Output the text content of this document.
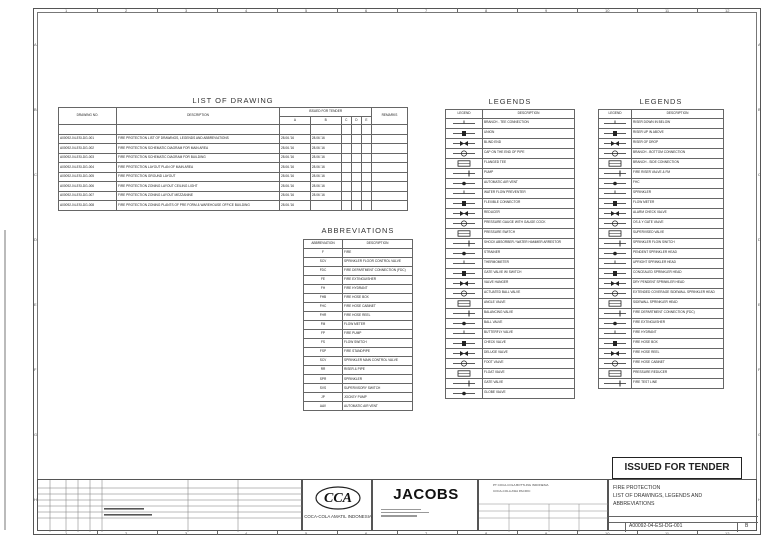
1
1
2
2
3
3
4
4
5
5
6
6
7
7
8
8
9
9
10
10
11
11
12
12
A	A
B	B
C	C
D	D
E	E
F	F
G	G
H	H
LIST OF DRAWING
DRAWING NO.	DESCRIPTION	ISSUED FOR TENDER					REMARKS
		A	B	C	D	E	

A00092-04-ESI-DG-001	FIRE PROTECTION LIST OF DRAWINGS, LEGENDS AND ABBREVIATIONS	28.06.'16	28.06.'16				
A00092-04-ESI-DG-002	FIRE PROTECTION SCHEMATIC DIAGRAM FOR MAIN AREA	28.06.'16	28.06.'16				
A00092-04-ESI-DG-003	FIRE PROTECTION SCHEMATIC DIAGRAM FOR BUILDING	28.06.'16	28.06.'16				
A00092-04-ESI-DG-004	FIRE PROTECTION LAYOUT PLAN OF MAIN AREA	28.06.'16	28.06.'16				
A00092-04-ESI-DG-005	FIRE PROTECTION GROUND LAYOUT	28.06.'16	28.06.'16				
A00092-04-ESI-DG-006	FIRE PROTECTION ZONING LAYOUT CEILING LIGHT	28.06.'16	28.06.'16				
A00092-04-ESI-DG-007	FIRE PROTECTION ZONING LAYOUT MEZZANINE	28.06.'16	28.06.'16				
A00092-04-ESI-DG-008	FIRE PROTECTION ZONING PLANTS OF PRE FORM & WAREHOUSE OFFICE BUILDING	28.06.'16					
ABBREVIATIONS
ABBREVIATION	DESCRIPTION
F	FIRE
SCV	SPRINKLER FLOOR CONTROL VALVE
FDC	FIRE DEPARTMENT CONNECTION (FDC)
FE	FIRE EXTINGUISHER
FH	FIRE HYDRANT
FHB	FIRE HOSE BOX
FHC	FIRE HOSE CABINET
FHR	FIRE HOSE REEL
FM	FLOW METER
FP	FIRE PUMP
FS	FLOW SWITCH
FSP	FIRE STANDPIPE
SCV	SPRINKLER MAIN CONTROL VALVE
RR	RISER & PIPE
SPR	SPRINKLER
SVS	SUPERVISORY SWITCH
JP	JOCKEY PUMP
AAV	AUTOMATIC AIR VENT
LEGENDS
LEGEND	DESCRIPTION

	BRANCH - TEE CONNECTION

	UNION

	BLIND END

	CAP ON THE END OF PIPE

	FLANGED TEE

	PUMP

	AUTOMATIC AIR VENT

	WATER FLOW PREVENTER

	FLEXIBLE CONNECTOR

	REDUCER

	PRESSURE GAUGE WITH GAUGE COCK

	PRESSURE SWITCH

	SHOCK ABSORBER / WATER HAMMER ARRESTOR

	STRAINER

	THERMOMETER

	GATE VALVE W/ SWITCH

	VALVE HANGER

	ACTUATED BALL VALVE

	ANGLE VALVE

	BALANCING VALVE

	BALL VALVE

	BUTTERFLY VALVE

	CHECK VALVE

	DELUGE VALVE

	FOOT VALVE

	FLOAT VALVE

	GATE VALVE

	GLOBE VALVE
LEGENDS
LEGEND	DESCRIPTION

	RISER DOWN IN BELOW

	RISER UP IN ABOVE

	RISER OF DROP

	BRANCH - BOTTOM CONNECTION

	BRANCH - SIDE CONNECTION

	FIRE RISER VALVE & FM

	FHC

	SPRINKLER

	FLOW METER

	ALARM CHECK VALVE

	OS & Y GATE VALVE

	SUPERVISED VALVE

	SPRINKLER FLOW SWITCH

	PENDENT SPRINKLER HEAD

	UPRIGHT SPRINKLER HEAD

	CONCEALED SPRINKLER HEAD

	DRY PENDENT SPRINKLER HEAD

	EXTENDED COVERAGE SIDEWALL SPRINKLER HEAD

	SIDEWALL SPRINKLER HEAD

	FIRE DEPARTMENT CONNECTION (FDC)

	FIRE EXTINGUISHER

	FIRE HYDRANT

	FIRE HOSE BOX

	FIRE HOSE REEL

	FIRE HOSE CABINET

	PRESSURE REDUCER

	FIRE TEST LINE
ISSUED FOR TENDER
CCA
COCA-COLA AMATIL INDONESIA
JACOBS
PT COCA-COLA BOTTLING INDONESIA
COCA-COLA ASIA PACIFIC	FIRE PROTECTION
LIST OF DRAWINGS, LEGENDS AND
ABBREVIATIONS
A00092-04-ESI-DG-001	B
